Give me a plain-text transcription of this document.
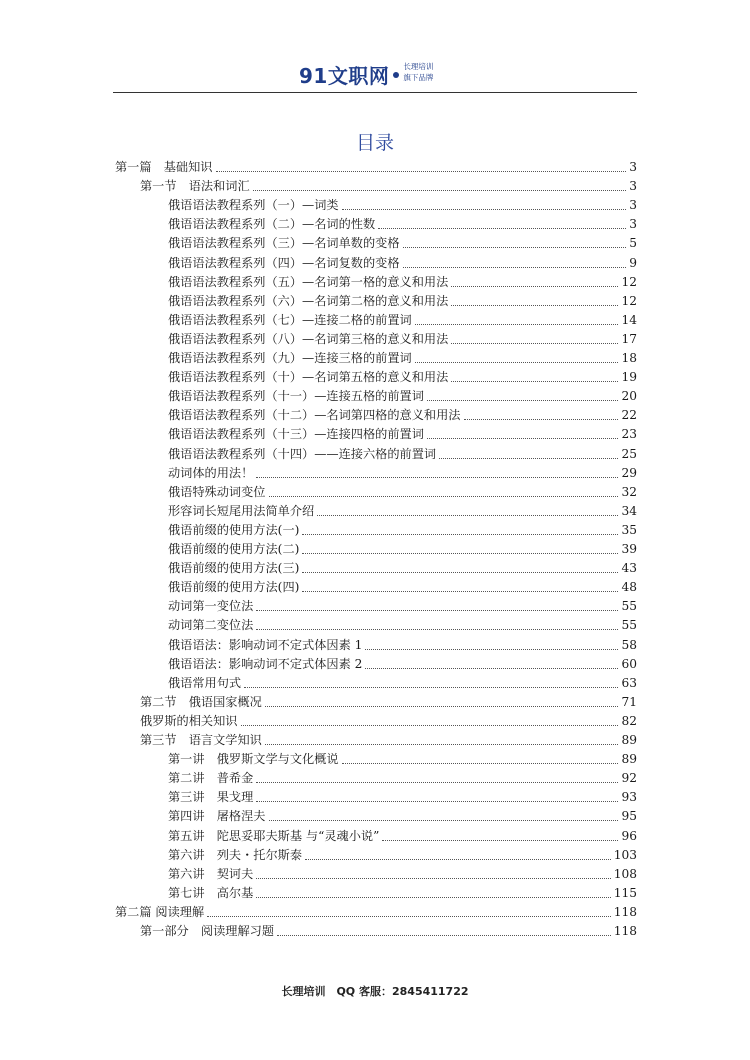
91文职网 长理培训
旗下品牌
目录
第一篇　基础知识	3
第一节　语法和词汇	3
俄语语法教程系列（一）—词类	3
俄语语法教程系列（二）—名词的性数	3
俄语语法教程系列（三）—名词单数的变格	5
俄语语法教程系列（四）—名词复数的变格	9
俄语语法教程系列（五）—名词第一格的意义和用法	12
俄语语法教程系列（六）—名词第二格的意义和用法	12
俄语语法教程系列（七）—连接二格的前置词	14
俄语语法教程系列（八）—名词第三格的意义和用法	17
俄语语法教程系列（九）—连接三格的前置词	18
俄语语法教程系列（十）—名词第五格的意义和用法	19
俄语语法教程系列（十一）—连接五格的前置词	20
俄语语法教程系列（十二）—名词第四格的意义和用法	22
俄语语法教程系列（十三）—连接四格的前置词	23
俄语语法教程系列（十四）——连接六格的前置词	25
动词体的用法！	29
俄语特殊动词变位	32
形容词长短尾用法简单介绍	34
俄语前缀的使用方法(一)	35
俄语前缀的使用方法(二)	39
俄语前缀的使用方法(三)	43
俄语前缀的使用方法(四)	48
动词第一变位法	55
动词第二变位法	55
俄语语法：影响动词不定式体因素 1	58
俄语语法：影响动词不定式体因素 2	60
俄语常用句式	63
第二节　俄语国家概况	71
俄罗斯的相关知识	82
第三节　语言文学知识	89
第一讲　俄罗斯文学与文化概说	89
第二讲　普希金	92
第三讲　果戈理	93
第四讲　屠格涅夫	95
第五讲　陀思妥耶夫斯基 与“灵魂小说”	96
第六讲　列夫・托尔斯泰	103
第六讲　契诃夫	108
第七讲　高尔基	115
第二篇 阅读理解	118
第一部分　阅读理解习题	118
长理培训　QQ 客服：2845411722
